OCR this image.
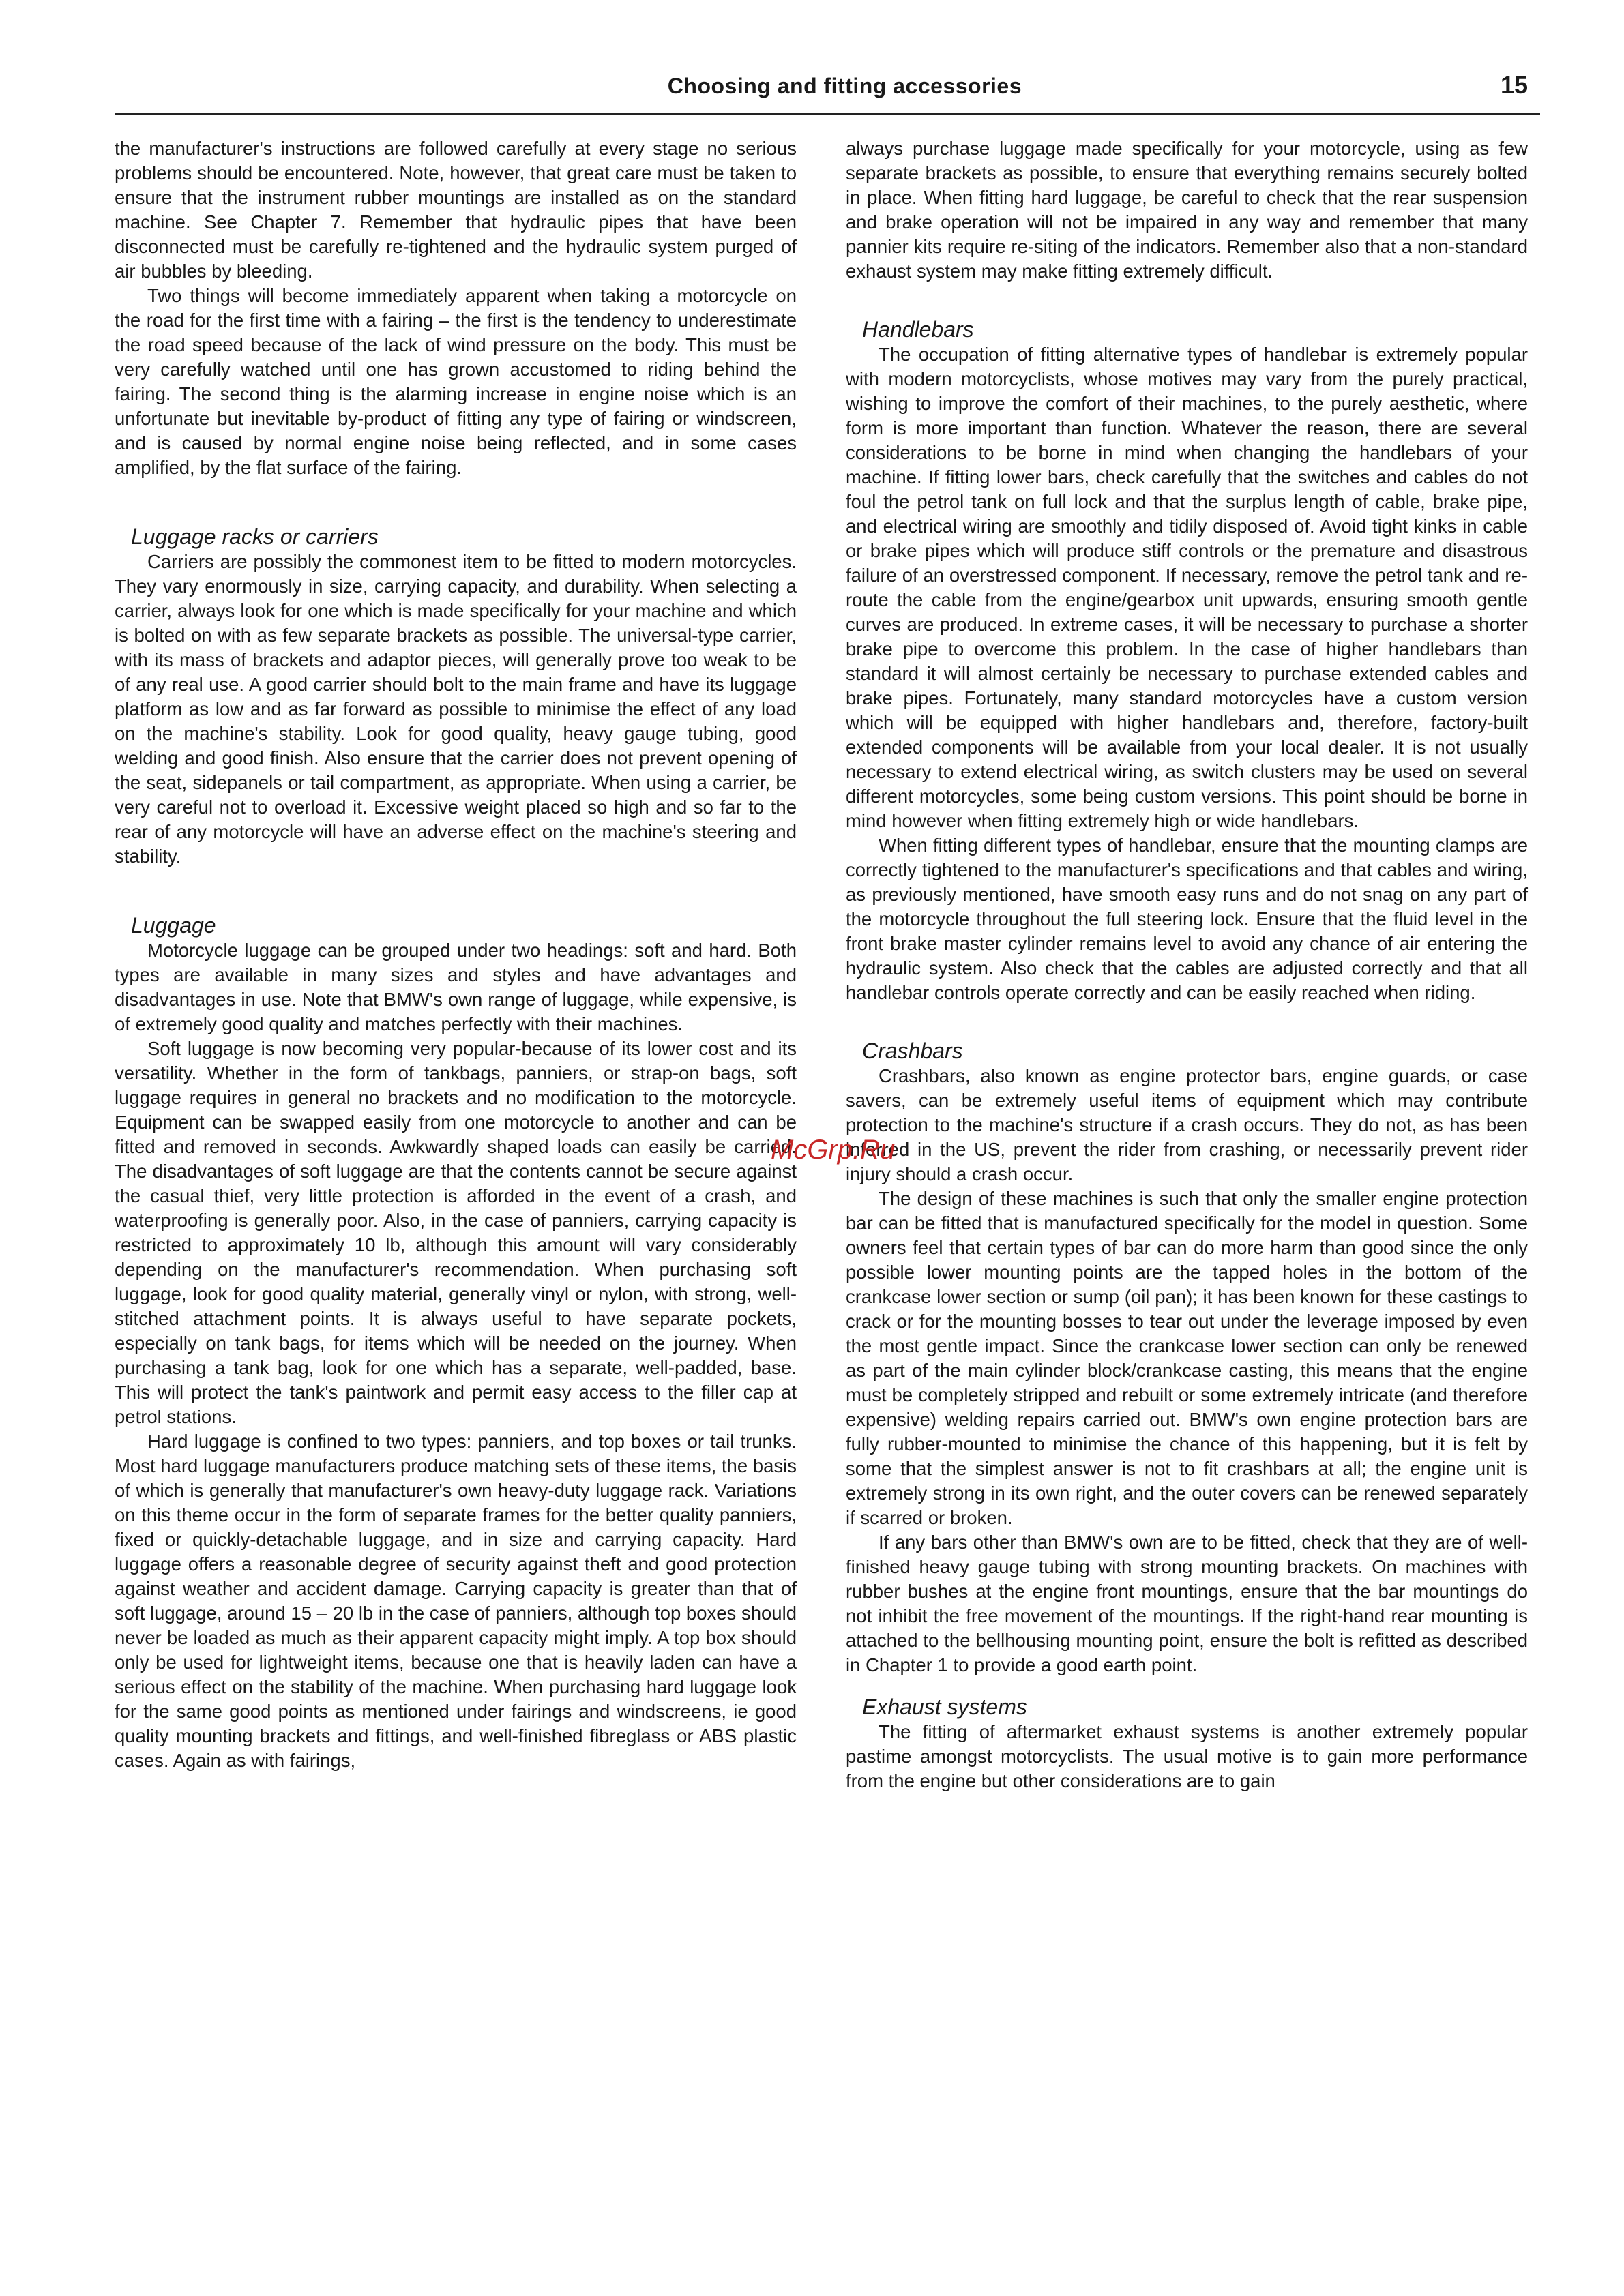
Choosing and fitting accessories	15

the manufacturer's instructions are followed carefully at every stage no serious problems should be encountered. Note, however, that great care must be taken to ensure that the instrument rubber mountings are installed as on the standard machine. See Chapter 7. Remember that hydraulic pipes that have been disconnected must be carefully re-tightened and the hydraulic system purged of air bubbles by bleeding.

Two things will become immediately apparent when taking a motorcycle on the road for the first time with a fairing – the first is the tendency to underestimate the road speed because of the lack of wind pressure on the body. This must be very carefully watched until one has grown accustomed to riding behind the fairing. The second thing is the alarming increase in engine noise which is an unfortunate but inevitable by-product of fitting any type of fairing or windscreen, and is caused by normal engine noise being reflected, and in some cases amplified, by the flat surface of the fairing.

Luggage racks or carriers

Carriers are possibly the commonest item to be fitted to modern motorcycles. They vary enormously in size, carrying capacity, and durability. When selecting a carrier, always look for one which is made specifically for your machine and which is bolted on with as few separate brackets as possible. The universal-type carrier, with its mass of brackets and adaptor pieces, will generally prove too weak to be of any real use. A good carrier should bolt to the main frame and have its luggage platform as low and as far forward as possible to minimise the effect of any load on the machine's stability. Look for good quality, heavy gauge tubing, good welding and good finish. Also ensure that the carrier does not prevent opening of the seat, sidepanels or tail compartment, as appropriate. When using a carrier, be very careful not to overload it. Excessive weight placed so high and so far to the rear of any motorcycle will have an adverse effect on the machine's steering and stability.

Luggage

Motorcycle luggage can be grouped under two headings: soft and hard. Both types are available in many sizes and styles and have advantages and disadvantages in use. Note that BMW's own range of luggage, while expensive, is of extremely good quality and matches perfectly with their machines.

Soft luggage is now becoming very popular-because of its lower cost and its versatility. Whether in the form of tankbags, panniers, or strap-on bags, soft luggage requires in general no brackets and no modification to the motorcycle. Equipment can be swapped easily from one motorcycle to another and can be fitted and removed in seconds. Awkwardly shaped loads can easily be carried. The disadvantages of soft luggage are that the contents cannot be secure against the casual thief, very little protection is afforded in the event of a crash, and waterproofing is generally poor. Also, in the case of panniers, carrying capacity is restricted to approximately 10 lb, although this amount will vary considerably depending on the manufacturer's recommendation. When purchasing soft luggage, look for good quality material, generally vinyl or nylon, with strong, well-stitched attachment points. It is always useful to have separate pockets, especially on tank bags, for items which will be needed on the journey. When purchasing a tank bag, look for one which has a separate, well-padded, base. This will protect the tank's paintwork and permit easy access to the filler cap at petrol stations.

Hard luggage is confined to two types: panniers, and top boxes or tail trunks. Most hard luggage manufacturers produce matching sets of these items, the basis of which is generally that manufacturer's own heavy-duty luggage rack. Variations on this theme occur in the form of separate frames for the better quality panniers, fixed or quickly-detachable luggage, and in size and carrying capacity. Hard luggage offers a reasonable degree of security against theft and good protection against weather and accident damage. Carrying capacity is greater than that of soft luggage, around 15 – 20 lb in the case of panniers, although top boxes should never be loaded as much as their apparent capacity might imply. A top box should only be used for lightweight items, because one that is heavily laden can have a serious effect on the stability of the machine. When purchasing hard luggage look for the same good points as mentioned under fairings and windscreens, ie good quality mounting brackets and fittings, and well-finished fibreglass or ABS plastic cases. Again as with fairings,

always purchase luggage made specifically for your motorcycle, using as few separate brackets as possible, to ensure that everything remains securely bolted in place. When fitting hard luggage, be careful to check that the rear suspension and brake operation will not be impaired in any way and remember that many pannier kits require re-siting of the indicators. Remember also that a non-standard exhaust system may make fitting extremely difficult.

Handlebars

The occupation of fitting alternative types of handlebar is extremely popular with modern motorcyclists, whose motives may vary from the purely practical, wishing to improve the comfort of their machines, to the purely aesthetic, where form is more important than function. Whatever the reason, there are several considerations to be borne in mind when changing the handlebars of your machine. If fitting lower bars, check carefully that the switches and cables do not foul the petrol tank on full lock and that the surplus length of cable, brake pipe, and electrical wiring are smoothly and tidily disposed of. Avoid tight kinks in cable or brake pipes which will produce stiff controls or the premature and disastrous failure of an overstressed component. If necessary, remove the petrol tank and re-route the cable from the engine/gearbox unit upwards, ensuring smooth gentle curves are produced. In extreme cases, it will be necessary to purchase a shorter brake pipe to overcome this problem. In the case of higher handlebars than standard it will almost certainly be necessary to purchase extended cables and brake pipes. Fortunately, many standard motorcycles have a custom version which will be equipped with higher handlebars and, therefore, factory-built extended components will be available from your local dealer. It is not usually necessary to extend electrical wiring, as switch clusters may be used on several different motorcycles, some being custom versions. This point should be borne in mind however when fitting extremely high or wide handlebars.

When fitting different types of handlebar, ensure that the mounting clamps are correctly tightened to the manufacturer's specifications and that cables and wiring, as previously mentioned, have smooth easy runs and do not snag on any part of the motorcycle throughout the full steering lock. Ensure that the fluid level in the front brake master cylinder remains level to avoid any chance of air entering the hydraulic system. Also check that the cables are adjusted correctly and that all handlebar controls operate correctly and can be easily reached when riding.

Crashbars

Crashbars, also known as engine protector bars, engine guards, or case savers, can be extremely useful items of equipment which may contribute protection to the machine's structure if a crash occurs. They do not, as has been inferred in the US, prevent the rider from crashing, or necessarily prevent rider injury should a crash occur.

The design of these machines is such that only the smaller engine protection bar can be fitted that is manufactured specifically for the model in question. Some owners feel that certain types of bar can do more harm than good since the only possible lower mounting points are the tapped holes in the bottom of the crankcase lower section or sump (oil pan); it has been known for these castings to crack or for the mounting bosses to tear out under the leverage imposed by even the most gentle impact. Since the crankcase lower section can only be renewed as part of the main cylinder block/crankcase casting, this means that the engine must be completely stripped and rebuilt or some extremely intricate (and therefore expensive) welding repairs carried out. BMW's own engine protection bars are fully rubber-mounted to minimise the chance of this happening, but it is felt by some that the simplest answer is not to fit crashbars at all; the engine unit is extremely strong in its own right, and the outer covers can be renewed separately if scarred or broken.

If any bars other than BMW's own are to be fitted, check that they are of well-finished heavy gauge tubing with strong mounting brackets. On machines with rubber bushes at the engine front mountings, ensure that the bar mountings do not inhibit the free movement of the mountings. If the right-hand rear mounting is attached to the bellhousing mounting point, ensure the bolt is refitted as described in Chapter 1 to provide a good earth point.

Exhaust systems

The fitting of aftermarket exhaust systems is another extremely popular pastime amongst motorcyclists. The usual motive is to gain more performance from the engine but other considerations are to gain

McGrp.Ru
